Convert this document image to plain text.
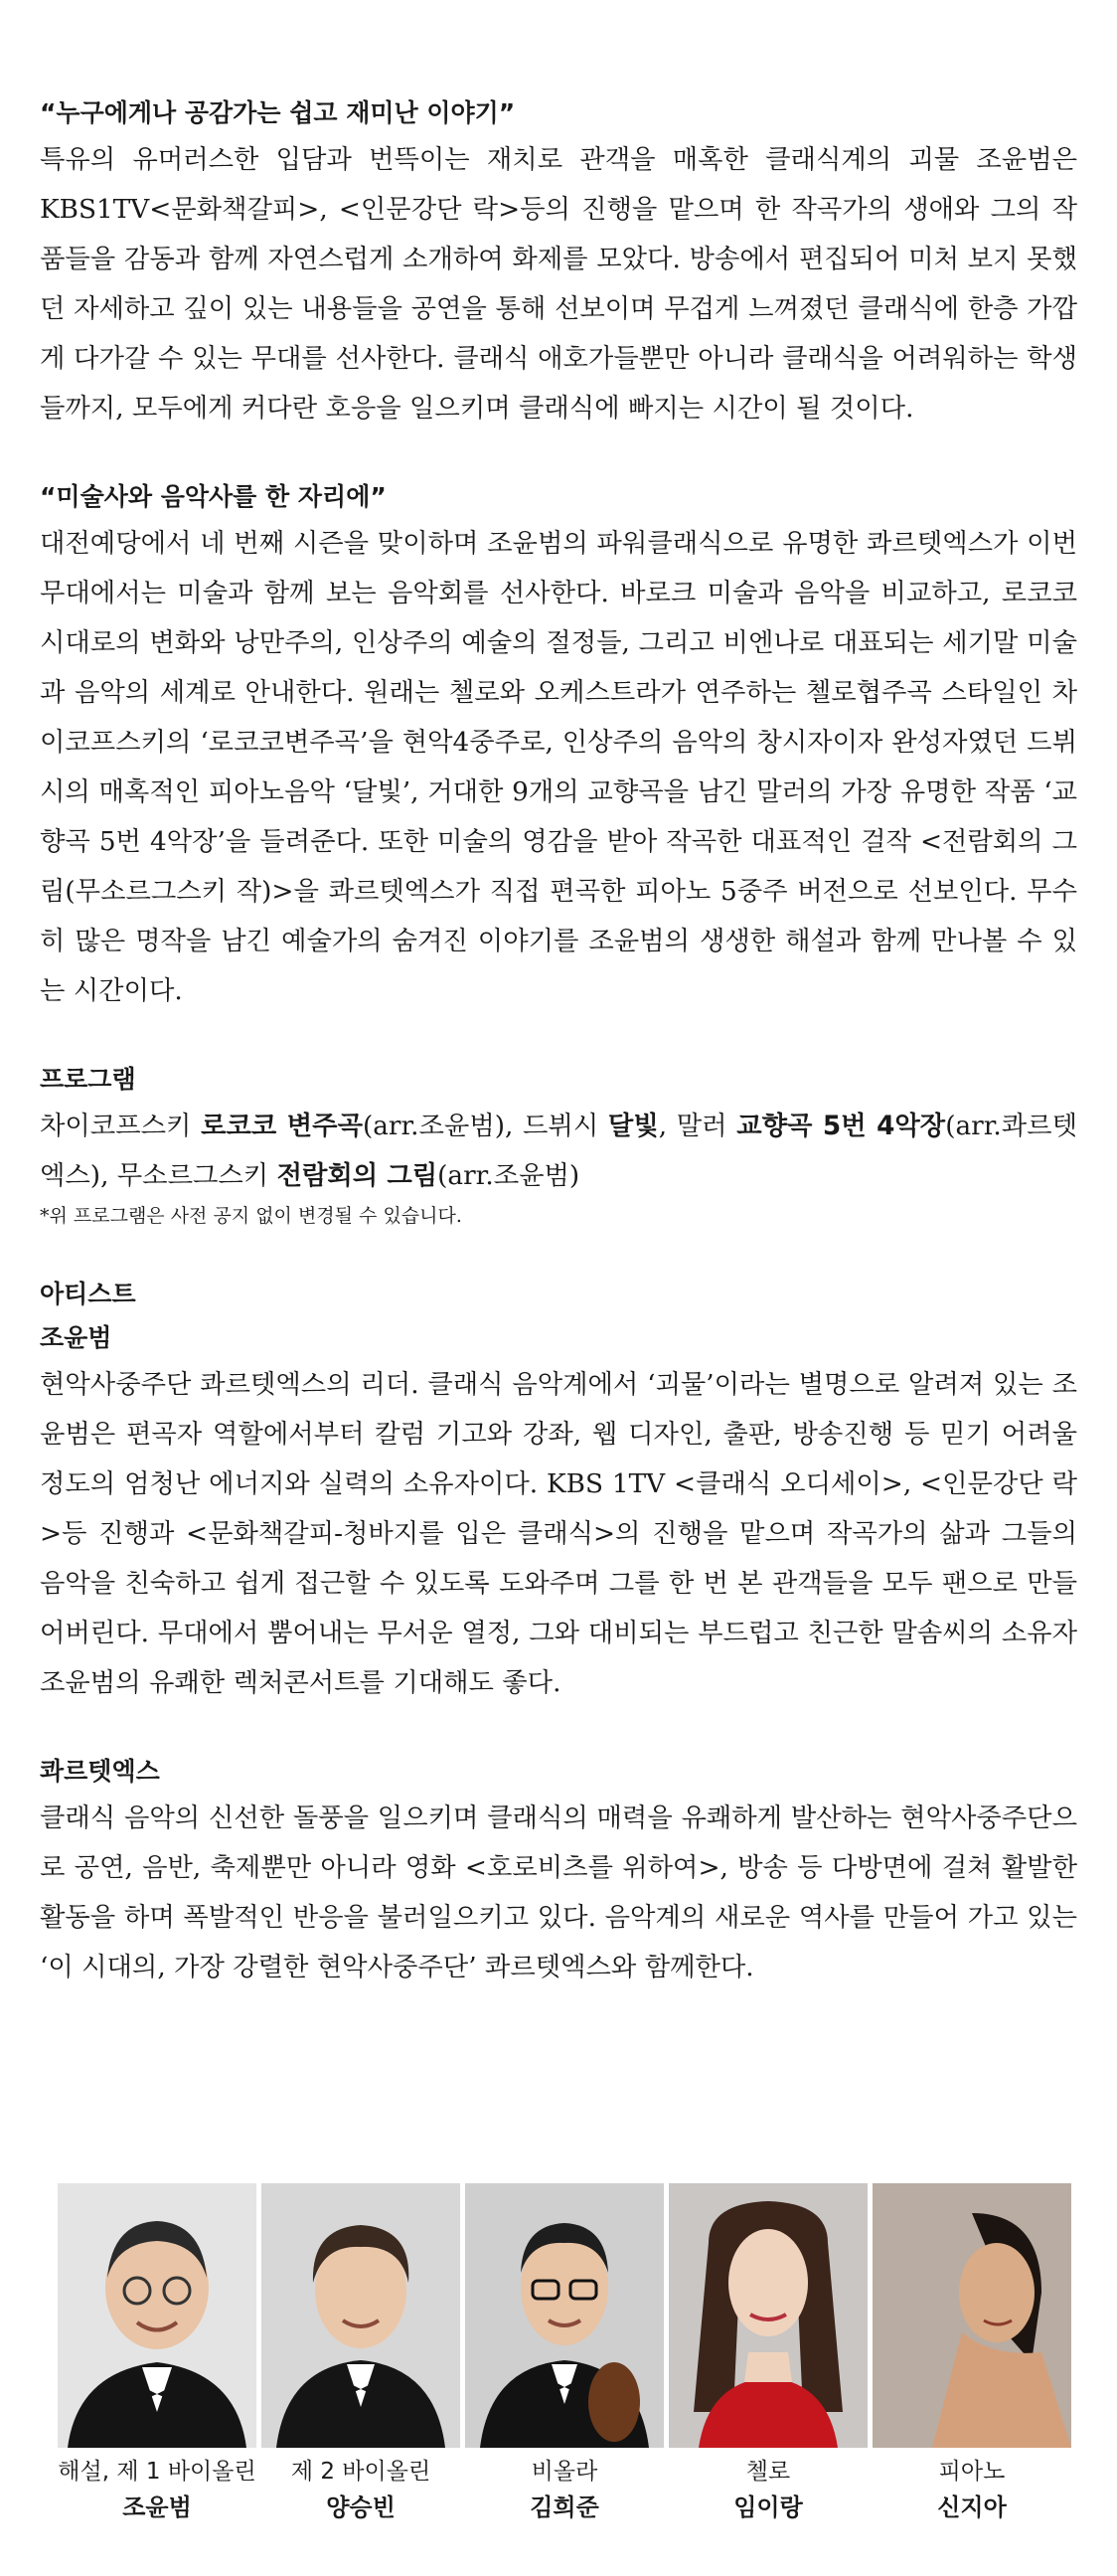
“누구에게나 공감가는 쉽고 재미난 이야기”

특유의 유머러스한 입담과 번뜩이는 재치로 관객을 매혹한 클래식계의 괴물 조윤범은 KBS1TV<문화책갈피>, <인문강단 락>등의 진행을 맡으며 한 작곡가의 생애와 그의 작품들을 감동과 함께 자연스럽게 소개하여 화제를 모았다. 방송에서 편집되어 미처 보지 못했던 자세하고 깊이 있는 내용들을 공연을 통해 선보이며 무겁게 느껴졌던 클래식에 한층 가깝게 다가갈 수 있는 무대를 선사한다. 클래식 애호가들뿐만 아니라 클래식을 어려워하는 학생들까지, 모두에게 커다란 호응을 일으키며 클래식에 빠지는 시간이 될 것이다.

“미술사와 음악사를 한 자리에”

대전예당에서 네 번째 시즌을 맞이하며 조윤범의 파워클래식으로 유명한 콰르텟엑스가 이번 무대에서는 미술과 함께 보는 음악회를 선사한다. 바로크 미술과 음악을 비교하고, 로코코 시대로의 변화와 낭만주의, 인상주의 예술의 절정들, 그리고 비엔나로 대표되는 세기말 미술과 음악의 세계로 안내한다. 원래는 첼로와 오케스트라가 연주하는 첼로협주곡 스타일인 차이코프스키의 ‘로코코변주곡’을 현악4중주로, 인상주의 음악의 창시자이자 완성자였던 드뷔시의 매혹적인 피아노음악 ‘달빛’, 거대한 9개의 교향곡을 남긴 말러의 가장 유명한 작품 ‘교향곡 5번 4악장’을 들려준다. 또한 미술의 영감을 받아 작곡한 대표적인 걸작 <전람회의 그림(무소르그스키 작)>을 콰르텟엑스가 직접 편곡한 피아노 5중주 버전으로 선보인다. 무수히 많은 명작을 남긴 예술가의 숨겨진 이야기를 조윤범의 생생한 해설과 함께 만나볼 수 있는 시간이다.

프로그램

차이코프스키 로코코 변주곡(arr.조윤범), 드뷔시 달빛, 말러 교향곡 5번 4악장(arr.콰르텟엑스), 무소르그스키 전람회의 그림(arr.조윤범)

*위 프로그램은 사전 공지 없이 변경될 수 있습니다.

아티스트

조윤범

현악사중주단 콰르텟엑스의 리더. 클래식 음악계에서 ‘괴물’이라는 별명으로 알려져 있는 조윤범은 편곡자 역할에서부터 칼럼 기고와 강좌, 웹 디자인, 출판, 방송진행 등 믿기 어려울 정도의 엄청난 에너지와 실력의 소유자이다. KBS 1TV <클래식 오디세이>, <인문강단 락>등 진행과 <문화책갈피-청바지를 입은 클래식>의 진행을 맡으며 작곡가의 삶과 그들의 음악을 친숙하고 쉽게 접근할 수 있도록 도와주며 그를 한 번 본 관객들을 모두 팬으로 만들어버린다. 무대에서 뿜어내는 무서운 열정, 그와 대비되는 부드럽고 친근한 말솜씨의 소유자 조윤범의 유쾌한 렉처콘서트를 기대해도 좋다.

콰르텟엑스

클래식 음악의 신선한 돌풍을 일으키며 클래식의 매력을 유쾌하게 발산하는 현악사중주단으로 공연, 음반, 축제뿐만 아니라 영화 <호로비츠를 위하여>, 방송 등 다방면에 걸쳐 활발한 활동을 하며 폭발적인 반응을 불러일으키고 있다. 음악계의 새로운 역사를 만들어 가고 있는 ‘이 시대의, 가장 강렬한 현악사중주단’ 콰르텟엑스와 함께한다.

해설, 제 1 바이올린
조윤범
제 2 바이올린
양승빈
비올라
김희준
첼로
임이랑
피아노
신지아
